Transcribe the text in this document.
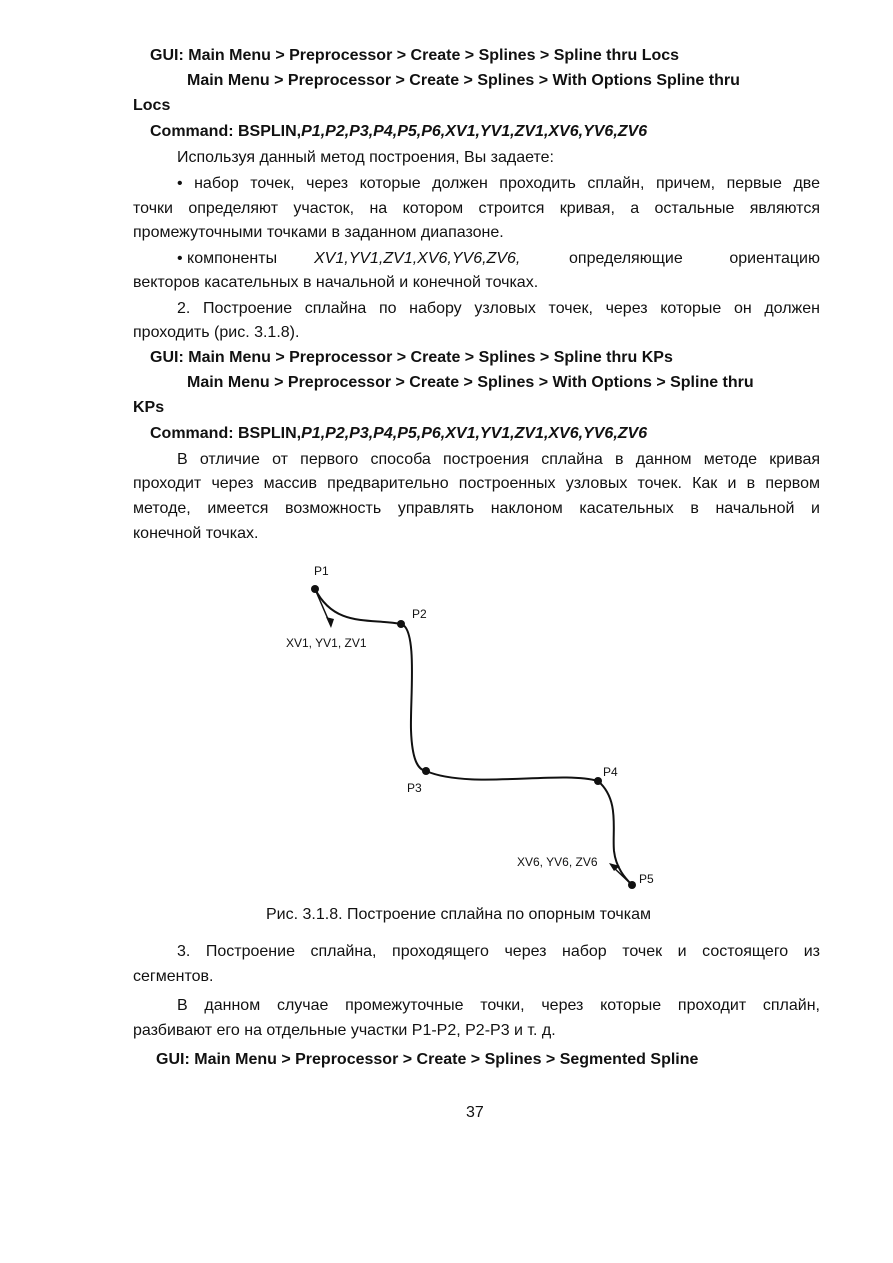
GUI: Main Menu > Preprocessor > Create > Splines > Spline thru Locs
Main Menu > Preprocessor > Create > Splines > With Options Spline thru
Locs
Command: BSPLIN,P1,P2,P3,P4,P5,P6,XV1,YV1,ZV1,XV6,YV6,ZV6
Используя данный метод построения, Вы задаете:
• набор точек, через которые должен проходить сплайн, причем, первые две
точки определяют участок, на котором строится кривая, а остальные являются
промежуточными точками в заданном диапазоне.
• компоненты XV1,YV1,ZV1,XV6,YV6,ZV6,	определяющие	ориентацию
векторов касательных в начальной и конечной точках.
2. Построение сплайна по набору узловых точек, через которые он должен
проходить (рис. 3.1.8).
GUI: Main Menu > Preprocessor > Create > Splines > Spline thru KPs
Main Menu > Preprocessor > Create > Splines > With Options > Spline thru
KPs
Command: BSPLIN,P1,P2,P3,P4,P5,P6,XV1,YV1,ZV1,XV6,YV6,ZV6
В отличие от первого способа построения сплайна в данном методе кривая
проходит через массив предварительно построенных узловых точек. Как и в первом
методе, имеется возможность управлять наклоном касательных в начальной и
конечной точках.
P1
P2
P3
P4
P5
XV1, YV1, ZV1
XV6, YV6, ZV6
Рис. 3.1.8. Построение сплайна по опорным точкам
3. Построение сплайна, проходящего через набор точек и состоящего из
сегментов.
В данном случае промежуточные точки, через которые проходит сплайн,
разбивают его на отдельные участки P1-P2, P2-P3 и т. д.
GUI: Main Menu > Preprocessor > Create > Splines > Segmented Spline
37
